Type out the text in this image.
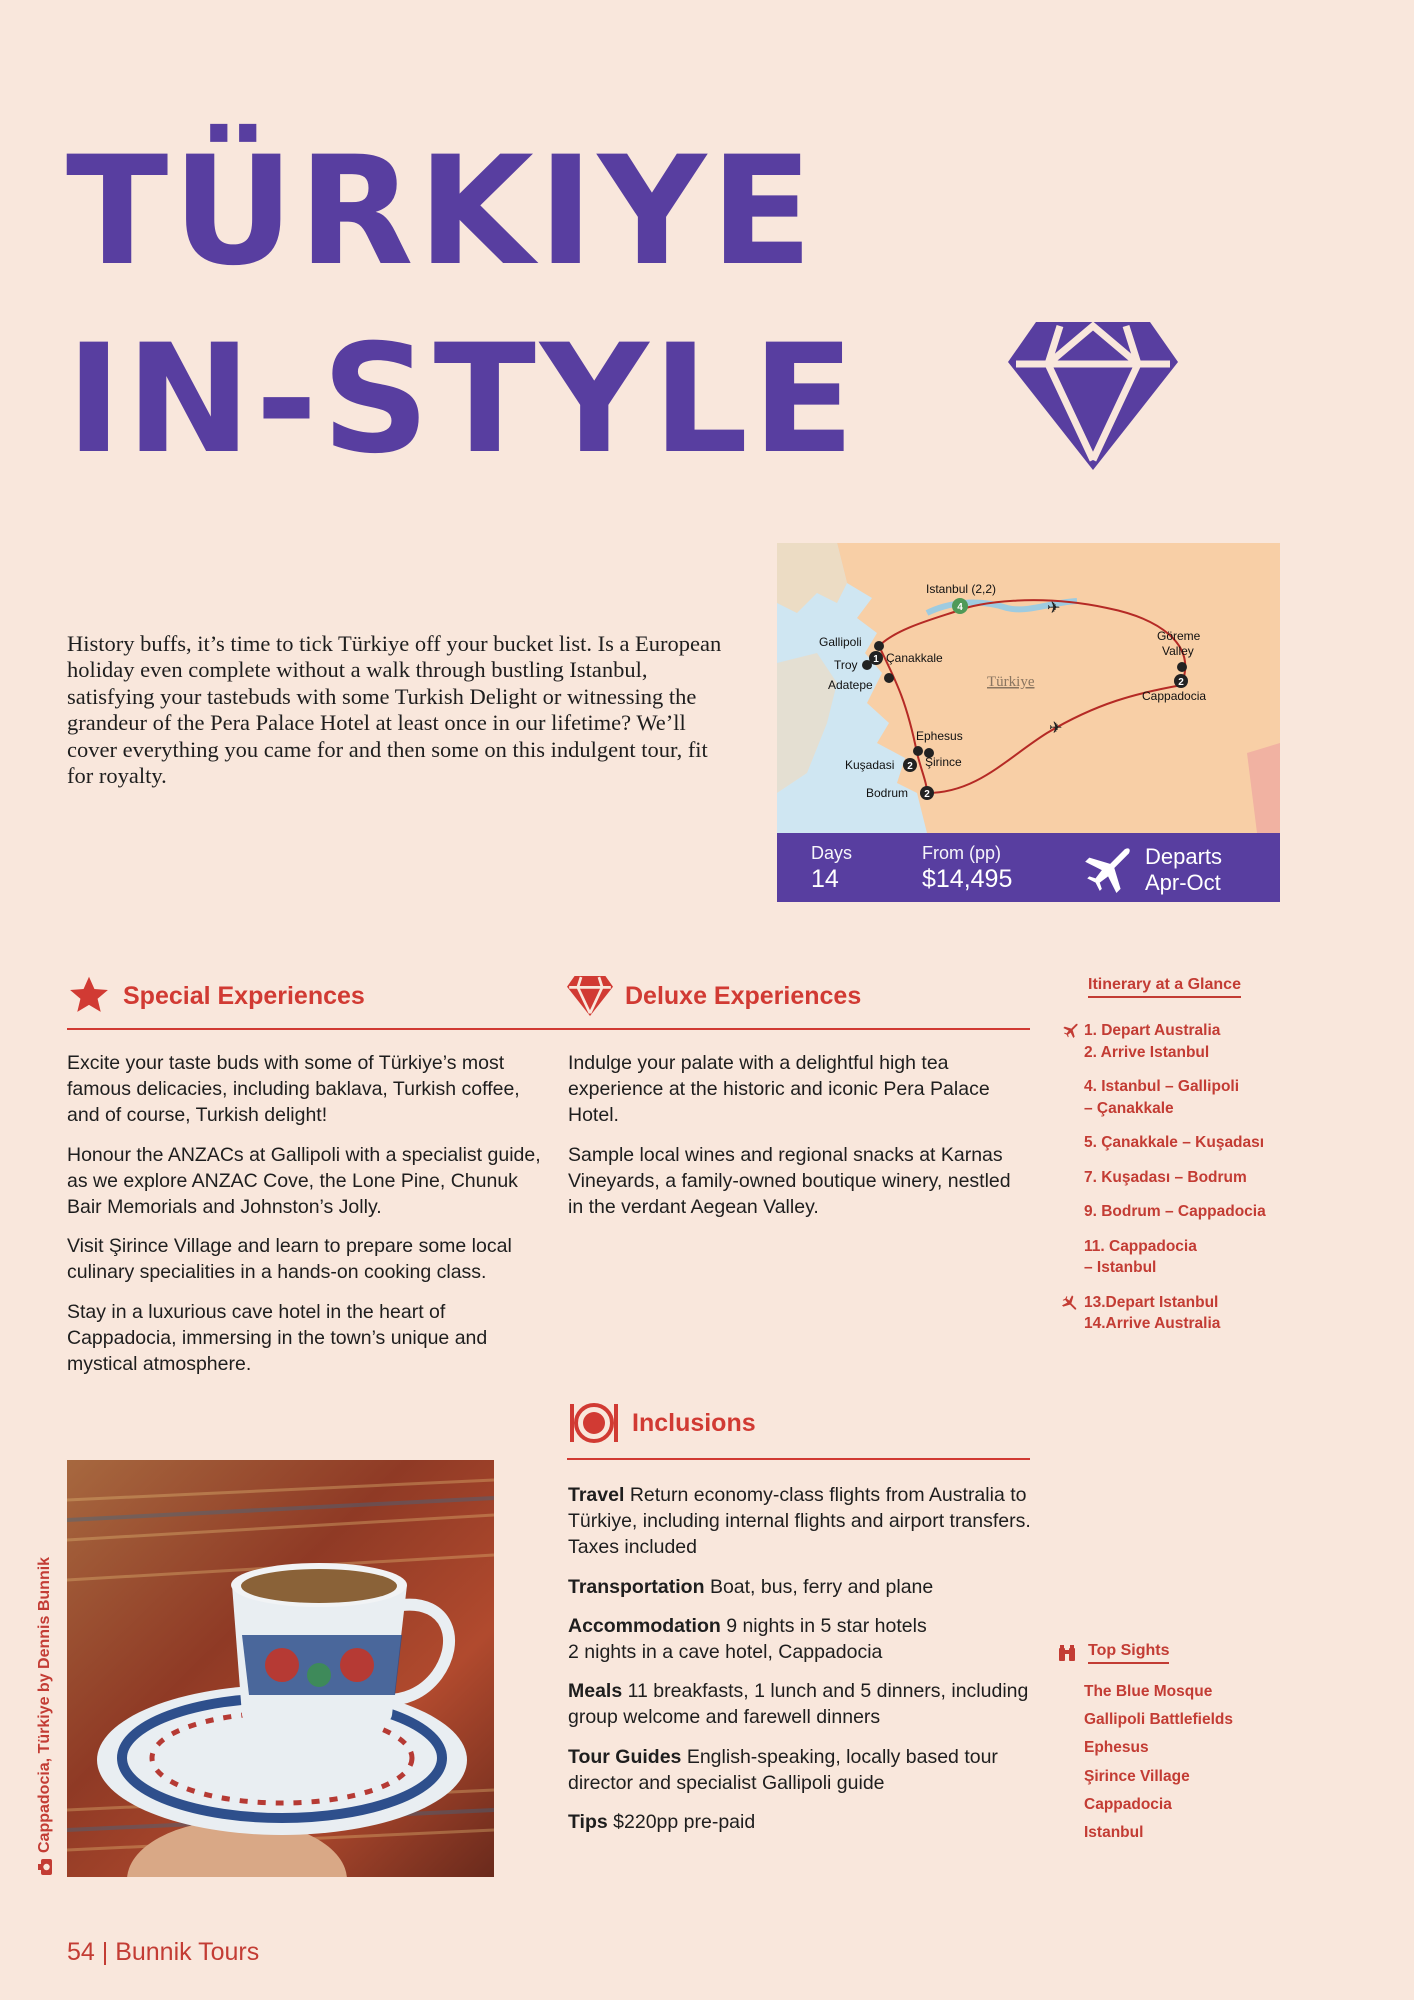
TÜRKIYE
IN-STYLE
History buffs, it’s time to tick Türkiye off your bucket list. Is a European holiday even complete without a walk through bustling Istanbul, satisfying your tastebuds with some Turkish Delight or witnessing the grandeur of the Pera Palace Hotel at least once in our lifetime? We’ll cover everything you came for and then some on this indulgent tour, fit for royalty.
✈
✈
4
1
2
2
2
Istanbul (2,2)
Gallipoli
Çanakkale
Troy
Adatepe
Göreme
Valley
Cappadocia
Ephesus
Kuşadasi	Şirince
Bodrum
Türkiye
Days
14
From (pp)
$14,495
Departs
Apr-Oct
Special Experiences

Excite your taste buds with some of Türkiye’s most famous delicacies, including baklava, Turkish coffee, and of course, Turkish delight!

Honour the ANZACs at Gallipoli with a specialist guide, as we explore ANZAC Cove, the Lone Pine, Chunuk Bair Memorials and Johnston’s Jolly.

Visit Şirince Village and learn to prepare some local culinary specialities in a hands-on cooking class.

Stay in a luxurious cave hotel in the heart of Cappadocia, immersing in the town’s unique and mystical atmosphere.

Deluxe Experiences

Indulge your palate with a delightful high tea experience at the historic and iconic Pera Palace Hotel.

Sample local wines and regional snacks at Karnas Vineyards, a family-owned boutique winery, nestled in the verdant Aegean Valley.

Inclusions

Travel Return economy-class flights from Australia to Türkiye, including internal flights and airport transfers. Taxes included

Transportation Boat, bus, ferry and plane

Accommodation 9 nights in 5 star hotels
2 nights in a cave hotel, Cappadocia

Meals 11 breakfasts, 1 lunch and 5 dinners, including group welcome and farewell dinners

Tour Guides English-speaking, locally based tour director and specialist Gallipoli guide

Tips $220pp pre-paid

Itinerary at a Glance
1. Depart Australia
2. Arrive Istanbul
4. Istanbul – Gallipoli
– Çanakkale
5. Çanakkale – Kuşadası
7. Kuşadası – Bodrum
9. Bodrum – Cappadocia
11. Cappadocia
– Istanbul
13.Depart Istanbul
14.Arrive Australia
Top Sights
The Blue Mosque
Gallipoli Battlefields
Ephesus
Şirince Village
Cappadocia
Istanbul
Cappadocia, Türkiye by Dennis Bunnik
54 | Bunnik Tours
